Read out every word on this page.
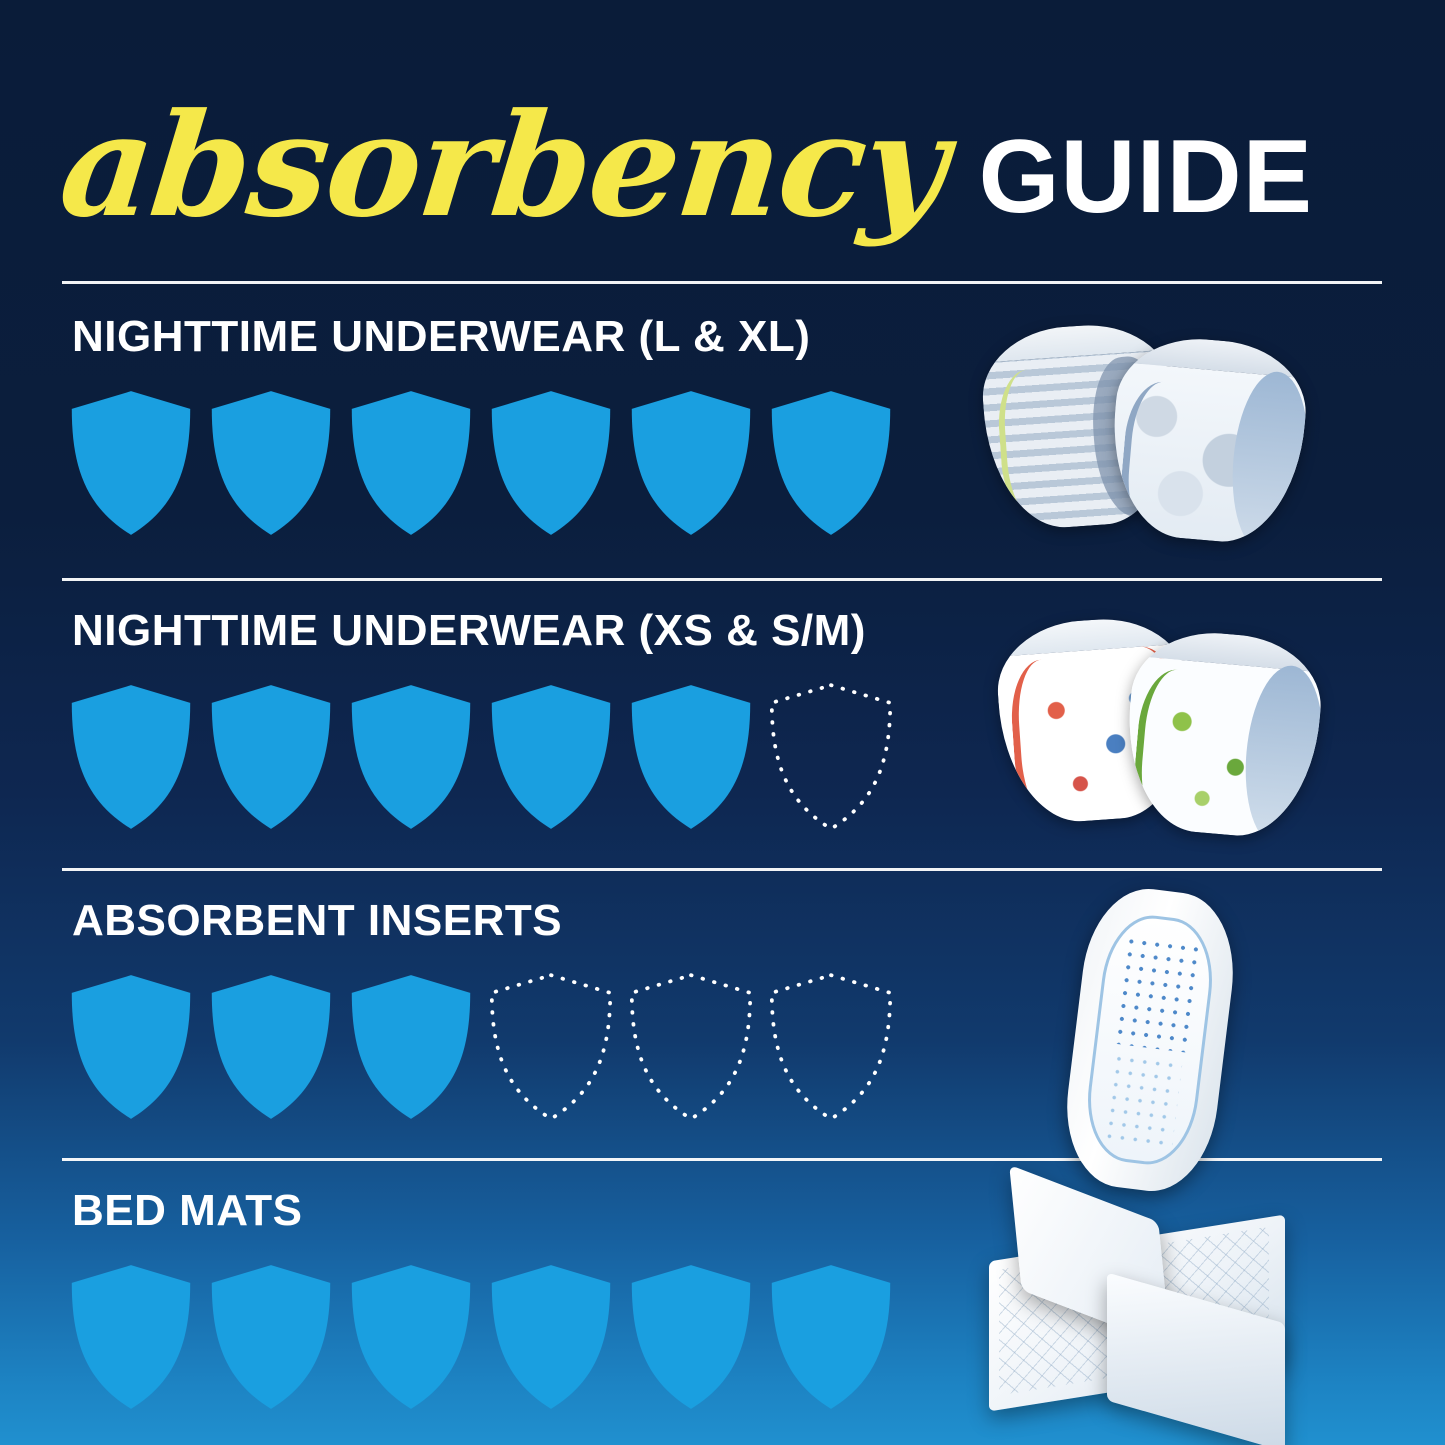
absorbency GUIDE
NIGHTTIME UNDERWEAR (L & XL)
NIGHTTIME UNDERWEAR (XS & S/M)
ABSORBENT INSERTS
BED MATS
